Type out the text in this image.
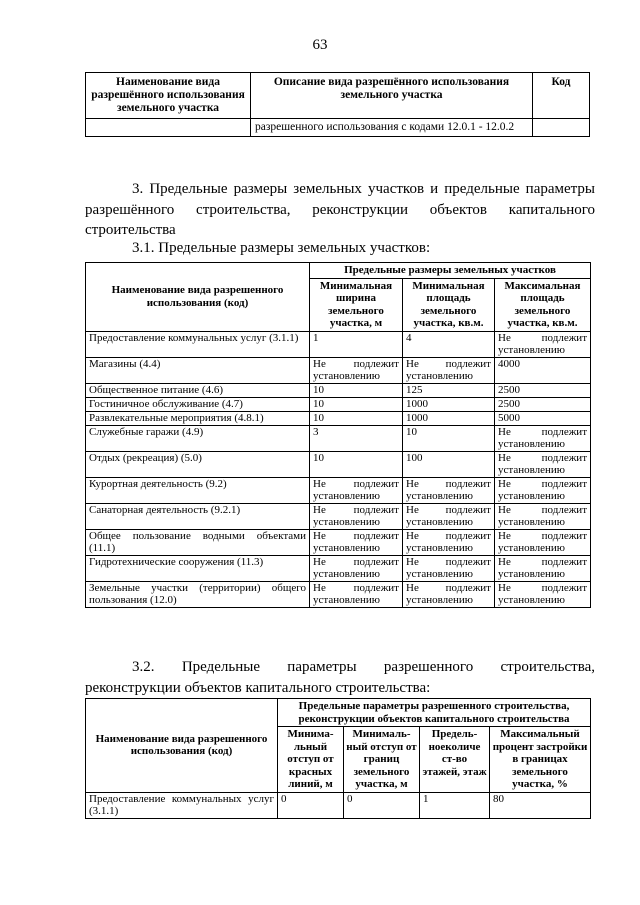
63
Наименование вида разрешённого использования земельного участка	Описание вида разрешённого использования земельного участка	Код
	разрешенного использования с кодами 12.0.1 - 12.0.2	
3. Предельные размеры земельных участков и предельные параметры
разрешённого строительства, реконструкции объектов капитального
строительства
3.1. Предельные размеры земельных участков:
Наименование вида разрешенного использования (код)	Предельные размеры земельных участков		
	Минимальная ширина земельного участка, м	Минимальная площадь земельного участка, кв.м.	Максимальная площадь земельного участка, кв.м.
Предоставление коммунальных услуг (3.1.1)	1	4	Не подлежит установлению
Магазины (4.4)	Не подлежит установлению	Не подлежит установлению	4000
Общественное питание (4.6)	10	125	2500
Гостиничное обслуживание (4.7)	10	1000	2500
Развлекательные мероприятия (4.8.1)	10	1000	5000
Служебные гаражи (4.9)	3	10	Не подлежит установлению
Отдых (рекреация) (5.0)	10	100	Не подлежит установлению
Курортная деятельность (9.2)	Не подлежит установлению	Не подлежит установлению	Не подлежит установлению
Санаторная деятельность (9.2.1)	Не подлежит установлению	Не подлежит установлению	Не подлежит установлению
Общее пользование водными объектами (11.1)	Не подлежит установлению	Не подлежит установлению	Не подлежит установлению
Гидротехнические сооружения (11.3)	Не подлежит установлению	Не подлежит установлению	Не подлежит установлению
Земельные участки (территории) общего пользования (12.0)	Не подлежит установлению	Не подлежит установлению	Не подлежит установлению
3.2. Предельные параметры разрешенного строительства,
реконструкции объектов капитального строительства:
Наименование вида разрешенного использования (код)	Предельные параметры разрешенного строительства, реконструкции объектов капитального строительства			
	Минима-льный отступ от красных линий, м	Минималь-ный отступ от границ земельного участка, м	Предель-ноеколиче ст-во этажей, этаж	Максимальный процент застройки в границах земельного участка, %
Предоставление коммунальных услуг (3.1.1)	0	0	1	80
